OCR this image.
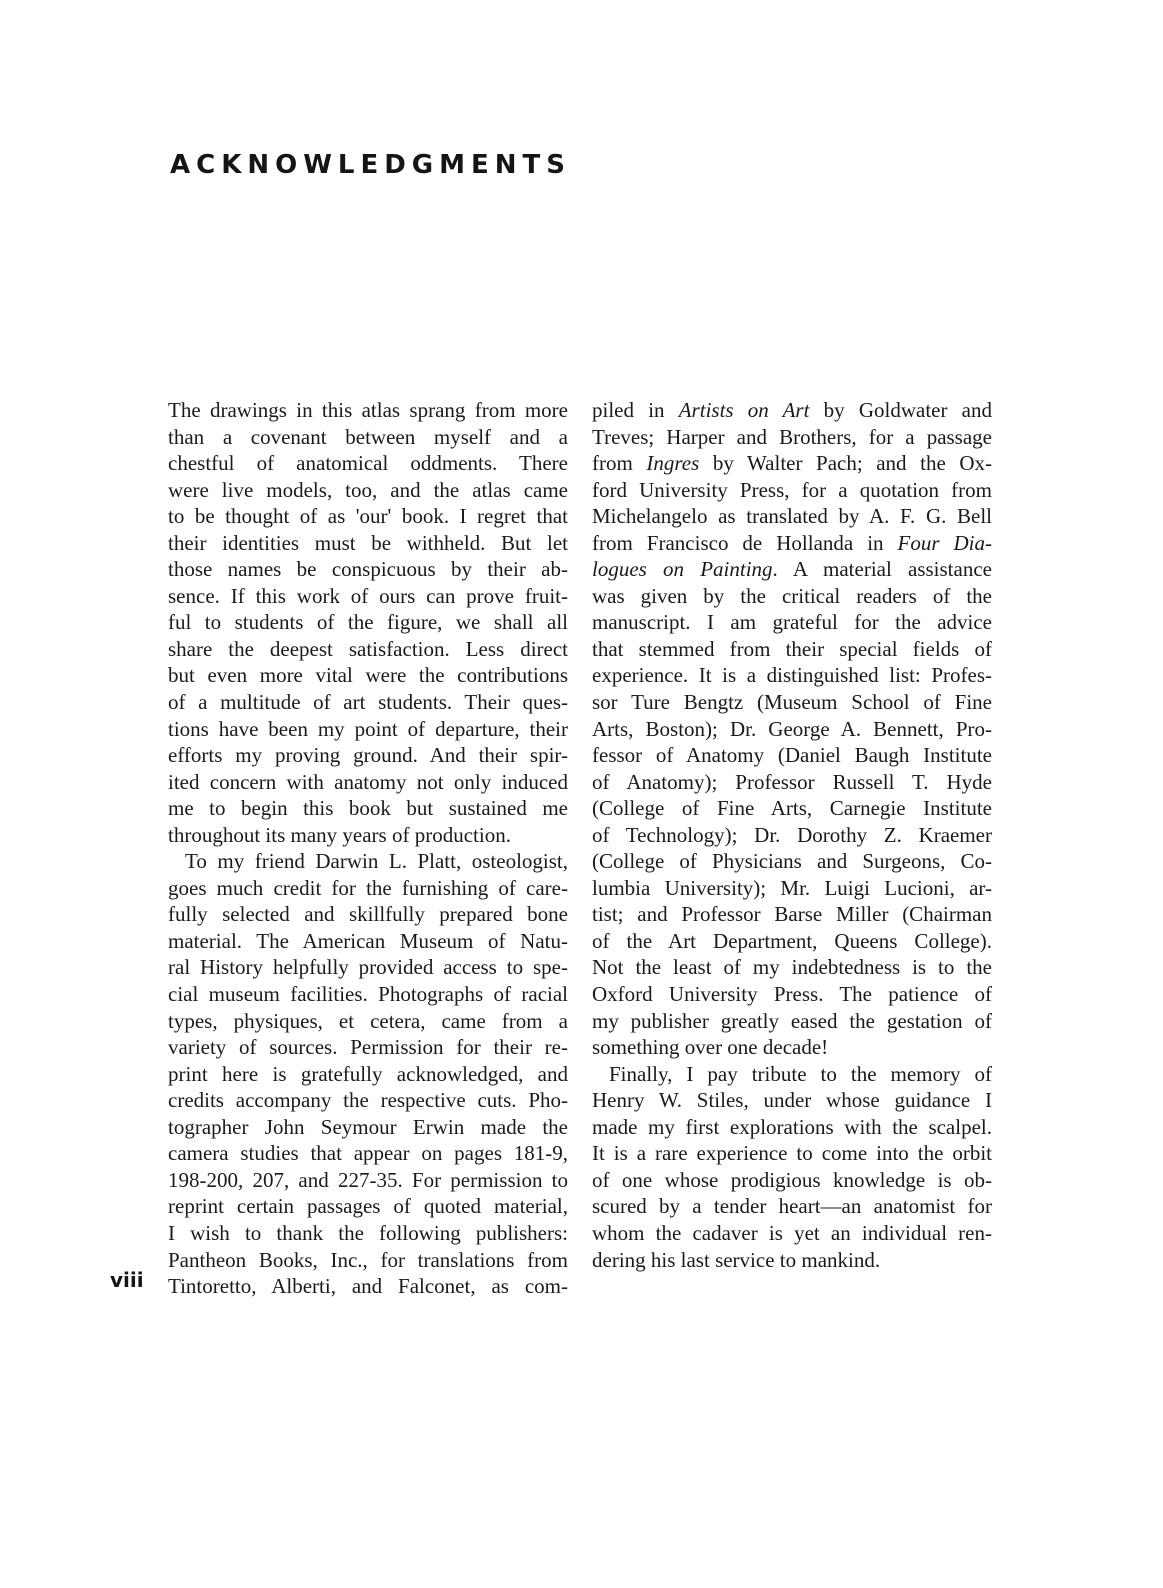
ACKNOWLEDGMENTS
The drawings in this atlas sprang from more
than a covenant between myself and a
chestful of anatomical oddments. There
were live models, too, and the atlas came
to be thought of as 'our' book. I regret that
their identities must be withheld. But let
those names be conspicuous by their ab-
sence. If this work of ours can prove fruit-
ful to students of the figure, we shall all
share the deepest satisfaction. Less direct
but even more vital were the contributions
of a multitude of art students. Their ques-
tions have been my point of departure, their
efforts my proving ground. And their spir-
ited concern with anatomy not only induced
me to begin this book but sustained me
throughout its many years of production.
To my friend Darwin L. Platt, osteologist,
goes much credit for the furnishing of care-
fully selected and skillfully prepared bone
material. The American Museum of Natu-
ral History helpfully provided access to spe-
cial museum facilities. Photographs of racial
types, physiques, et cetera, came from a
variety of sources. Permission for their re-
print here is gratefully acknowledged, and
credits accompany the respective cuts. Pho-
tographer John Seymour Erwin made the
camera studies that appear on pages 181-9,
198-200, 207, and 227-35. For permission to
reprint certain passages of quoted material,
I wish to thank the following publishers:
Pantheon Books, Inc., for translations from
Tintoretto, Alberti, and Falconet, as com-
piled in Artists on Art by Goldwater and
Treves; Harper and Brothers, for a passage
from Ingres by Walter Pach; and the Ox-
ford University Press, for a quotation from
Michelangelo as translated by A. F. G. Bell
from Francisco de Hollanda in Four Dia-
logues on Painting. A material assistance
was given by the critical readers of the
manuscript. I am grateful for the advice
that stemmed from their special fields of
experience. It is a distinguished list: Profes-
sor Ture Bengtz (Museum School of Fine
Arts, Boston); Dr. George A. Bennett, Pro-
fessor of Anatomy (Daniel Baugh Institute
of Anatomy); Professor Russell T. Hyde
(College of Fine Arts, Carnegie Institute
of Technology); Dr. Dorothy Z. Kraemer
(College of Physicians and Surgeons, Co-
lumbia University); Mr. Luigi Lucioni, ar-
tist; and Professor Barse Miller (Chairman
of the Art Department, Queens College).
Not the least of my indebtedness is to the
Oxford University Press. The patience of
my publisher greatly eased the gestation of
something over one decade!
Finally, I pay tribute to the memory of
Henry W. Stiles, under whose guidance I
made my first explorations with the scalpel.
It is a rare experience to come into the orbit
of one whose prodigious knowledge is ob-
scured by a tender heart—an anatomist for
whom the cadaver is yet an individual ren-
dering his last service to mankind.
viii
